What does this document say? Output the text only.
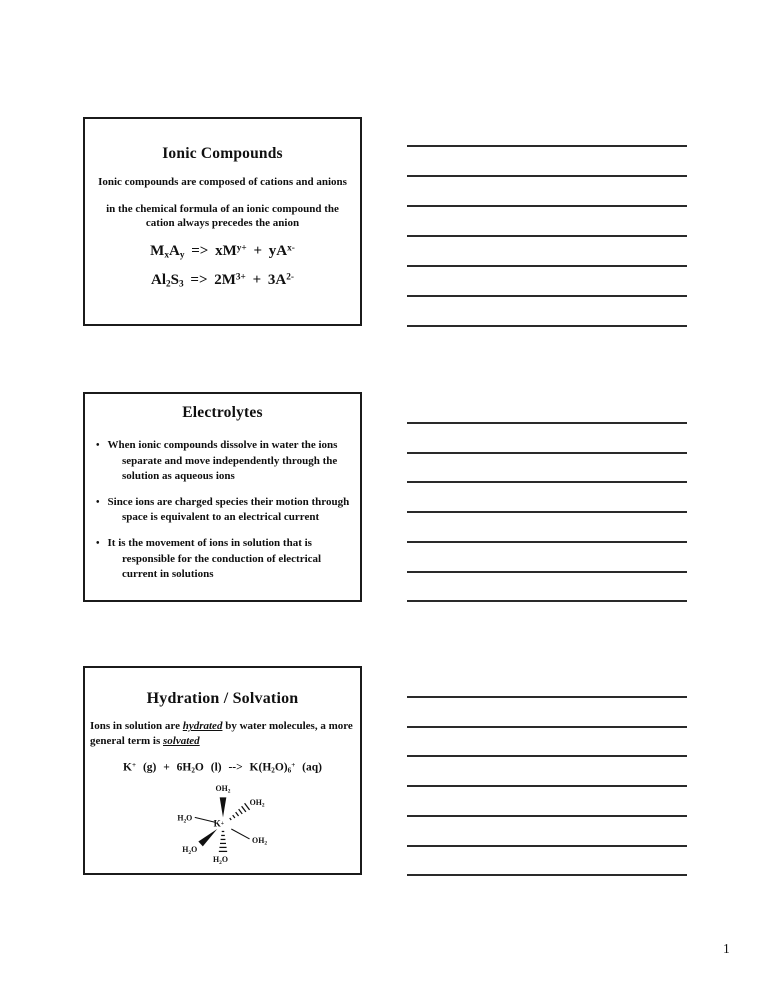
Ionic Compounds
Ionic compounds are composed of cations and anions
in the chemical formula of an ionic compound the cation always precedes the anion
MxAy => $xM^{y+} + yA^{x-}$
$Al2S3 => 2M^{3+} + 3A^{2-}$
Electrolytes
• When ionic compounds dissolve in water the ions separate and move independently through the solution as aqueous ions
• Since ions are charged species their motion through space is equivalent to an electrical current
• It is the movement of ions in solution that is responsible for the conduction of electrical current in solutions
Hydration / Solvation
Ions in solution are hydrated by water molecules, a more general term is solvated
K+ (g) + 6H2O (l) --> K(H2O)6+ (aq)
$OH_2$
$OH_2$
$H_2O$
$OH_2$
$H_2O$
$H_2O$
K+
1
